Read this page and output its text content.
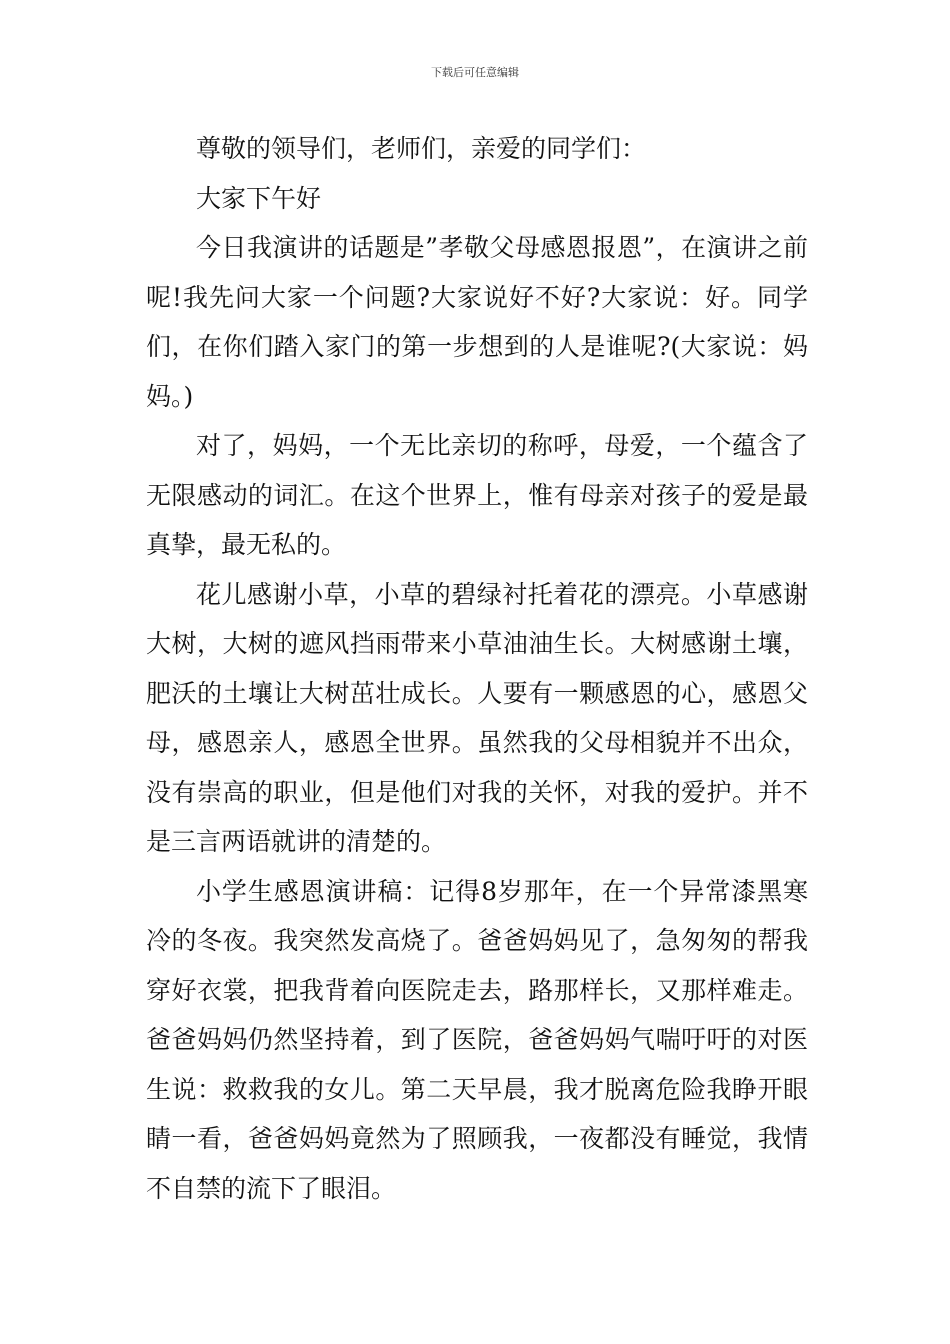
下载后可任意编辑

尊敬的领导们，老师们，亲爱的同学们：

大家下午好

今日我演讲的话题是”孝敬父母感恩报恩”，在演讲之前呢!我先问大家一个问题?大家说好不好?大家说：好。同学们，在你们踏入家门的第一步想到的人是谁呢?(大家说：妈妈。)

对了，妈妈，一个无比亲切的称呼，母爱，一个蕴含了无限感动的词汇。在这个世界上，惟有母亲对孩子的爱是最真挚，最无私的。

花儿感谢小草，小草的碧绿衬托着花的漂亮。小草感谢大树，大树的遮风挡雨带来小草油油生长。大树感谢土壤，肥沃的土壤让大树茁壮成长。人要有一颗感恩的心，感恩父母，感恩亲人，感恩全世界。虽然我的父母相貌并不出众，没有崇高的职业，但是他们对我的关怀，对我的爱护。并不是三言两语就讲的清楚的。

小学生感恩演讲稿：记得8岁那年，在一个异常漆黑寒冷的冬夜。我突然发高烧了。爸爸妈妈见了，急匆匆的帮我穿好衣裳，把我背着向医院走去，路那样长，又那样难走。爸爸妈妈仍然坚持着，到了医院，爸爸妈妈气喘吁吁的对医生说：救救我的女儿。第二天早晨，我才脱离危险我睁开眼睛一看，爸爸妈妈竟然为了照顾我，一夜都没有睡觉，我情不自禁的流下了眼泪。
